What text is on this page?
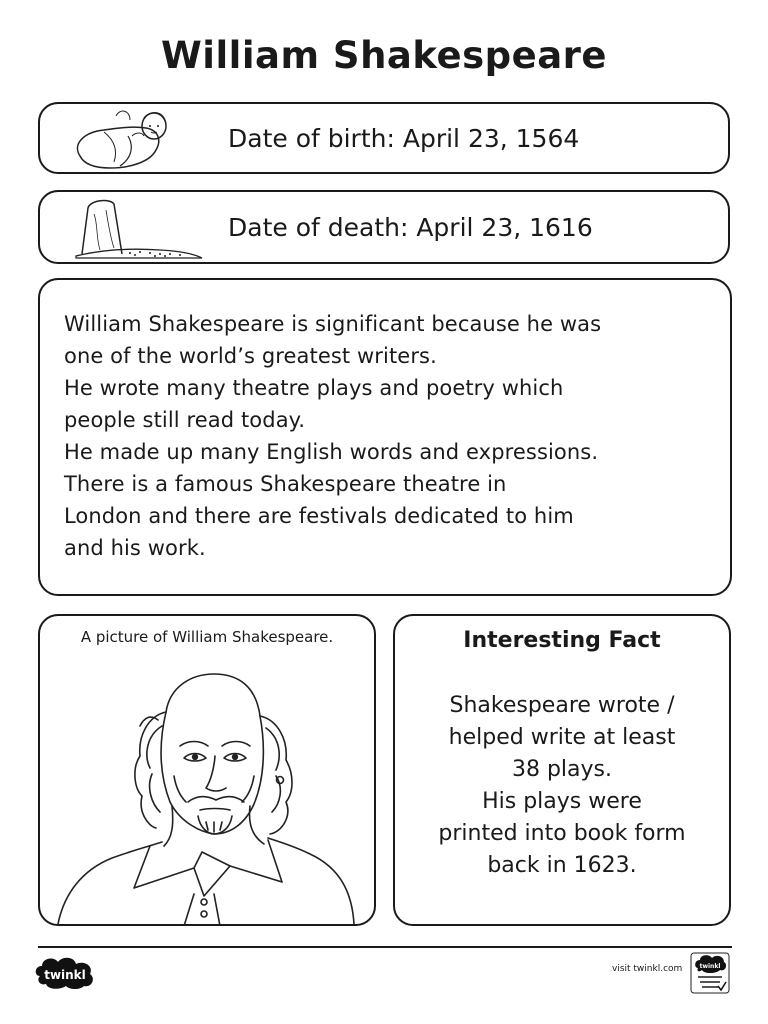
William Shakespeare
Date of birth: April 23, 1564
Date of death: April 23, 1616

William Shakespeare is significant because he was
one of the world’s greatest writers.
He wrote many theatre plays and poetry which
people still read today.
He made up many English words and expressions.
There is a famous Shakespeare theatre in
London and there are festivals dedicated to him
and his work.

A picture of William Shakespeare.	Interesting Fact
Shakespeare wrote /
helped write at least
38 plays.
His plays were
printed into book form
back in 1623.
twinkl	visit twinkl.com	twinkl
